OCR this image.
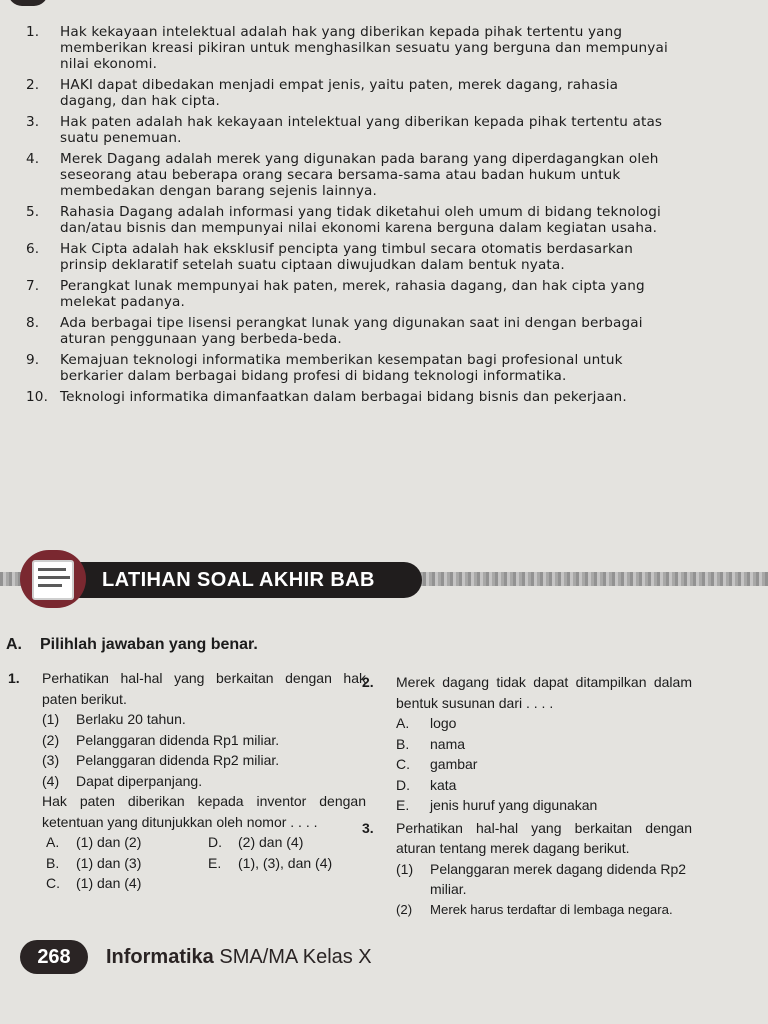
1.	Hak kekayaan intelektual adalah hak yang diberikan kepada pihak tertentu yang memberikan kreasi pikiran untuk menghasilkan sesuatu yang berguna dan mempunyai nilai ekonomi.
2.	HAKI dapat dibedakan menjadi empat jenis, yaitu paten, merek dagang, rahasia dagang, dan hak cipta.
3.	Hak paten adalah hak kekayaan intelektual yang diberikan kepada pihak tertentu atas suatu penemuan.
4.	Merek Dagang adalah merek yang digunakan pada barang yang diperdagangkan oleh seseorang atau beberapa orang secara bersama-sama atau badan hukum untuk membedakan dengan barang sejenis lainnya.
5.	Rahasia Dagang adalah informasi yang tidak diketahui oleh umum di bidang teknologi dan/atau bisnis dan mempunyai nilai ekonomi karena berguna dalam kegiatan usaha.
6.	Hak Cipta adalah hak eksklusif pencipta yang timbul secara otomatis berdasarkan prinsip deklaratif setelah suatu ciptaan diwujudkan dalam bentuk nyata.
7.	Perangkat lunak mempunyai hak paten, merek, rahasia dagang, dan hak cipta yang melekat padanya.
8.	Ada berbagai tipe lisensi perangkat lunak yang digunakan saat ini dengan berbagai aturan penggunaan yang berbeda-beda.
9.	Kemajuan teknologi informatika memberikan kesempatan bagi profesional untuk berkarier dalam berbagai bidang profesi di bidang teknologi informatika.
10. Teknologi informatika dimanfaatkan dalam berbagai bidang bisnis dan pekerjaan.
LATIHAN SOAL AKHIR BAB
A. Pilihlah jawaban yang benar.
1.	Perhatikan hal-hal yang berkaitan dengan hak paten berikut.
(1)	Berlaku 20 tahun.
(2)	Pelanggaran didenda Rp1 miliar.
(3)	Pelanggaran didenda Rp2 miliar.
(4)	Dapat diperpanjang.
Hak paten diberikan kepada inventor dengan ketentuan yang ditunjukkan oleh nomor . . . .
A.	(1) dan (2)	D.	(2) dan (4)
B.	(1) dan (3)	E.	(1), (3), dan (4)
C.	(1) dan (4)
2.	Merek dagang tidak dapat ditampilkan dalam bentuk susunan dari . . . .
A.	logo
B.	nama
C.	gambar
D.	kata
E.	jenis huruf yang digunakan
3.	Perhatikan hal-hal yang berkaitan dengan aturan tentang merek dagang berikut.
(1)	Pelanggaran merek dagang didenda Rp2 miliar.
(2)	Merek harus terdaftar di lembaga negara.
268	Informatika SMA/MA Kelas X
